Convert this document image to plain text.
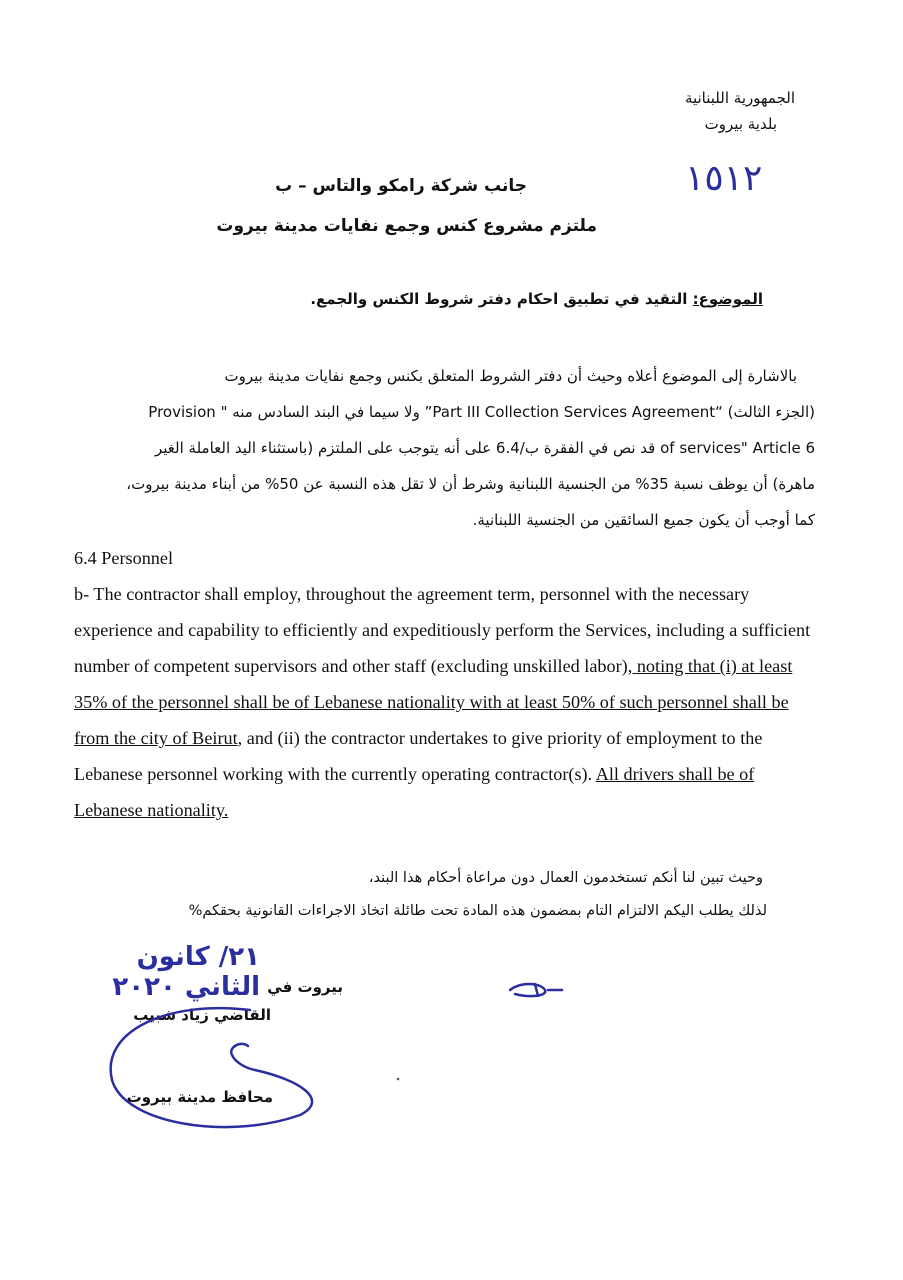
الجمهورية اللبنانية
بلدية بيروت
١٥١٢
جانب شركة رامكو والتاس – ب
ملتزم مشروع كنس وجمع نفايات مدينة بيروت
الموضوع: التقيد في تطبيق احكام دفتر شروط الكنس والجمع.
بالاشارة إلى الموضوع أعلاه وحيث أن دفتر الشروط المتعلق بكنس وجمع نفايات مدينة بيروت
(الجزء الثالث) “Part III Collection Services Agreement” ولا سيما في البند السادس منه " Provision
of services" Article 6 قد نص في الفقرة ب/6.4 على أنه يتوجب على الملتزم (باستثناء اليد العاملة الغير
ماهرة) أن يوظف نسبة 35% من الجنسية اللبنانية وشرط أن لا تقل هذه النسبة عن 50% من أبناء مدينة بيروت،
كما أوجب أن يكون جميع السائقين من الجنسية اللبنانية.

6.4 Personnel

b- The contractor shall employ, throughout the agreement term, personnel with the necessary experience and capability to efficiently and expeditiously perform the Services, including a sufficient number of competent supervisors and other staff (excluding unskilled labor), noting that (i) at least 35% of the personnel shall be of Lebanese nationality with at least 50% of such personnel shall be from the city of Beirut, and (ii) the contractor undertakes to give priority of employment to the Lebanese personnel working with the currently operating contractor(s). All drivers shall be of Lebanese nationality.

وحيث تبين لنا أنكم تستخدمون العمال دون مراعاة أحكام هذا البند،
لذلك يطلب اليكم الالتزام التام بمضمون هذه المادة تحت طائلة اتخاذ الاجراءات القانونية بحقكم%
٢١/ كانون الثاني ٢٠٢٠ بيروت في
القاضي زياد شبيب
محافظ مدينة بيروت
